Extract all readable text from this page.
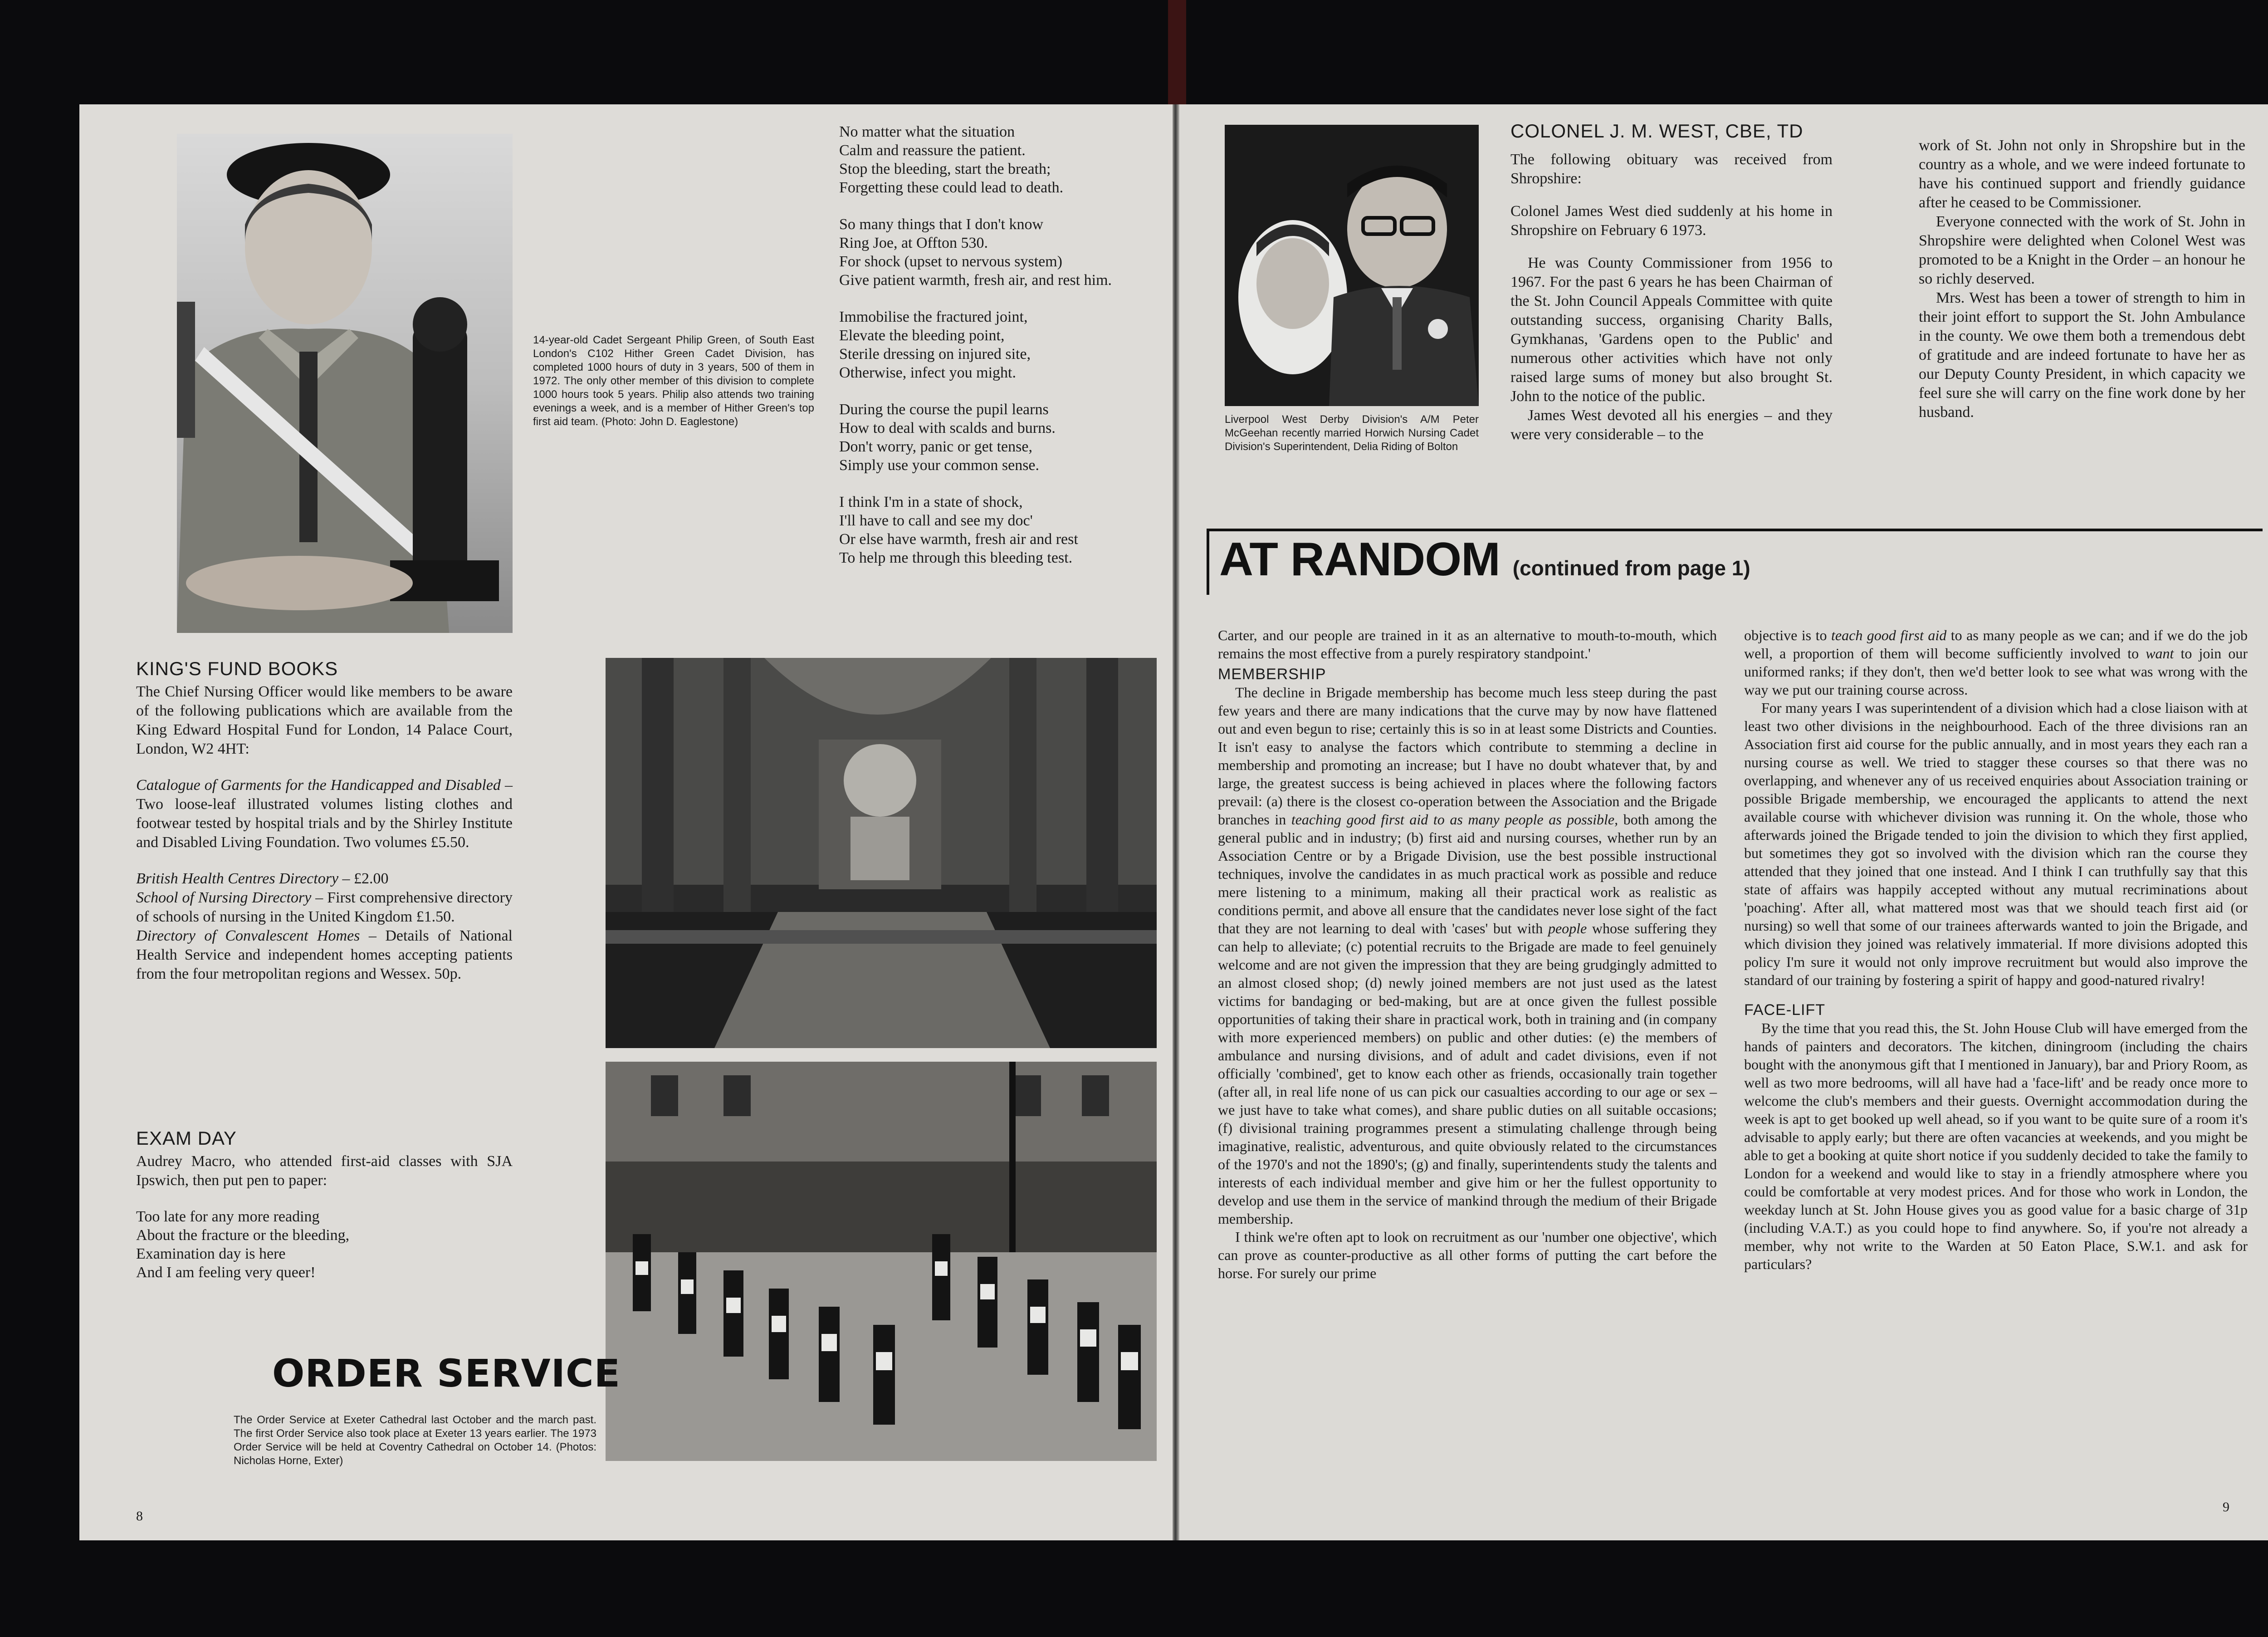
14-year-old Cadet Sergeant Philip Green, of South East London's C102 Hither Green Cadet Division, has completed 1000 hours of duty in 3 years, 500 of them in 1972. The only other member of this division to complete 1000 hours took 5 years. Philip also attends two training evenings a week, and is a member of Hither Green's top first aid team. (Photo: John D. Eaglestone)
No matter what the situation
Calm and reassure the patient.
Stop the bleeding, start the breath;
Forgetting these could lead to death.
So many things that I don't know
Ring Joe, at Offton 530.
For shock (upset to nervous system)
Give patient warmth, fresh air, and rest him.
Immobilise the fractured joint,
Elevate the bleeding point,
Sterile dressing on injured site,
Otherwise, infect you might.
During the course the pupil learns
How to deal with scalds and burns.
Don't worry, panic or get tense,
Simply use your common sense.
I think I'm in a state of shock,
I'll have to call and see my doc'
Or else have warmth, fresh air and rest
To help me through this bleeding test.
KING'S FUND BOOKS

The Chief Nursing Officer would like members to be aware of the following publications which are available from the King Edward Hospital Fund for London, 14 Palace Court, London, W2 4HT:

Catalogue of Garments for the Handicapped and Disabled – Two loose-leaf illustrated volumes listing clothes and footwear tested by hospital trials and by the Shirley Institute and Disabled Living Foundation. Two volumes £5.50.

British Health Centres Directory – £2.00

School of Nursing Directory – First comprehensive directory of schools of nursing in the United Kingdom £1.50.

Directory of Convalescent Homes – Details of National Health Service and independent homes accepting patients from the four metropolitan regions and Wessex. 50p.

EXAM DAY

Audrey Macro, who attended first-aid classes with SJA Ipswich, then put pen to paper:

Too late for any more reading
About the fracture or the bleeding,
Examination day is here
And I am feeling very queer!
ORDER SERVICE
The Order Service at Exeter Cathedral last October and the march past. The first Order Service also took place at Exeter 13 years earlier. The 1973 Order Service will be held at Coventry Cathedral on October 14. (Photos: Nicholas Horne, Exter)
8
Liverpool West Derby Division's A/M Peter McGeehan recently married Horwich Nursing Cadet Division's Superintendent, Delia Riding of Bolton
COLONEL J. M. WEST, CBE, TD

The following obituary was received from Shropshire:

Colonel James West died suddenly at his home in Shropshire on February 6 1973.

He was County Commissioner from 1956 to 1967. For the past 6 years he has been Chairman of the St. John Council Appeals Committee with quite outstanding success, organising Charity Balls, Gymkhanas, 'Gardens open to the Public' and numerous other activities which have not only raised large sums of money but also brought St. John to the notice of the public.

James West devoted all his energies – and they were very considerable – to the

work of St. John not only in Shropshire but in the country as a whole, and we were indeed fortunate to have his continued support and friendly guidance after he ceased to be Commissioner.

Everyone connected with the work of St. John in Shropshire were delighted when Colonel West was promoted to be a Knight in the Order – an honour he so richly deserved.

Mrs. West has been a tower of strength to him in their joint effort to support the St. John Ambulance in the county. We owe them both a tremendous debt of gratitude and are indeed fortunate to have her as our Deputy County President, in which capacity we feel sure she will carry on the fine work done by her husband.

AT RANDOM (continued from page 1)

Carter, and our people are trained in it as an alternative to mouth-to-mouth, which remains the most effective from a purely respiratory standpoint.'

MEMBERSHIP

The decline in Brigade membership has become much less steep during the past few years and there are many indications that the curve may by now have flattened out and even begun to rise; certainly this is so in at least some Districts and Counties. It isn't easy to analyse the factors which contribute to stemming a decline in membership and promoting an increase; but I have no doubt whatever that, by and large, the greatest success is being achieved in places where the following factors prevail: (a) there is the closest co-operation between the Association and the Brigade branches in teaching good first aid to as many people as possible, both among the general public and in industry; (b) first aid and nursing courses, whether run by an Association Centre or by a Brigade Division, use the best possible instructional techniques, involve the candidates in as much practical work as possible and reduce mere listening to a minimum, making all their practical work as realistic as conditions permit, and above all ensure that the candidates never lose sight of the fact that they are not learning to deal with 'cases' but with people whose suffering they can help to alleviate; (c) potential recruits to the Brigade are made to feel genuinely welcome and are not given the impression that they are being grudgingly admitted to an almost closed shop; (d) newly joined members are not just used as the latest victims for bandaging or bed-making, but are at once given the fullest possible opportunities of taking their share in practical work, both in training and (in company with more experienced members) on public and other duties: (e) the members of ambulance and nursing divisions, and of adult and cadet divisions, even if not officially 'combined', get to know each other as friends, occasionally train together (after all, in real life none of us can pick our casualties according to our age or sex – we just have to take what comes), and share public duties on all suitable occasions; (f) divisional training programmes present a stimulating challenge through being imaginative, realistic, adventurous, and quite obviously related to the circumstances of the 1970's and not the 1890's; (g) and finally, superintendents study the talents and interests of each individual member and give him or her the fullest opportunity to develop and use them in the service of mankind through the medium of their Brigade membership.

I think we're often apt to look on recruitment as our 'number one objective', which can prove as counter-productive as all other forms of putting the cart before the horse. For surely our prime

objective is to teach good first aid to as many people as we can; and if we do the job well, a proportion of them will become sufficiently involved to want to join our uniformed ranks; if they don't, then we'd better look to see what was wrong with the way we put our training course across.

For many years I was superintendent of a division which had a close liaison with at least two other divisions in the neighbourhood. Each of the three divisions ran an Association first aid course for the public annually, and in most years they each ran a nursing course as well. We tried to stagger these courses so that there was no overlapping, and whenever any of us received enquiries about Association training or possible Brigade membership, we encouraged the applicants to attend the next available course with whichever division was running it. On the whole, those who afterwards joined the Brigade tended to join the division to which they first applied, but sometimes they got so involved with the division which ran the course they attended that they joined that one instead. And I think I can truthfully say that this state of affairs was happily accepted without any mutual recriminations about 'poaching'. After all, what mattered most was that we should teach first aid (or nursing) so well that some of our trainees afterwards wanted to join the Brigade, and which division they joined was relatively immaterial. If more divisions adopted this policy I'm sure it would not only improve recruitment but would also improve the standard of our training by fostering a spirit of happy and good-natured rivalry!

FACE-LIFT

By the time that you read this, the St. John House Club will have emerged from the hands of painters and decorators. The kitchen, diningroom (including the chairs bought with the anonymous gift that I mentioned in January), bar and Priory Room, as well as two more bedrooms, will all have had a 'face-lift' and be ready once more to welcome the club's members and their guests. Overnight accommodation during the week is apt to get booked up well ahead, so if you want to be quite sure of a room it's advisable to apply early; but there are often vacancies at weekends, and you might be able to get a booking at quite short notice if you suddenly decided to take the family to London for a weekend and would like to stay in a friendly atmosphere where you could be comfortable at very modest prices. And for those who work in London, the weekday lunch at St. John House gives you as good value for a basic charge of 31p (including V.A.T.) as you could hope to find anywhere. So, if you're not already a member, why not write to the Warden at 50 Eaton Place, S.W.1. and ask for particulars?

9
